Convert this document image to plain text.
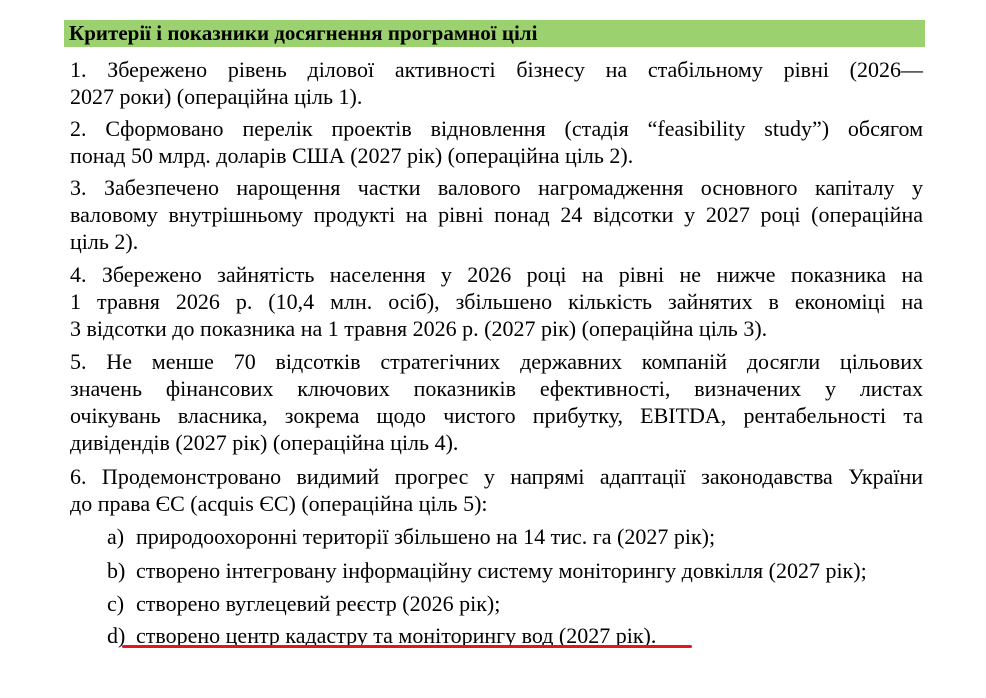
Критерії і показники досягнення програмної цілі
1. Збережено рівень ділової активності бізнесу на стабільному рівні (2026—
2027 роки) (операційна ціль 1).
2. Сформовано перелік проектів відновлення (стадія “feasibility study”) обсягом
понад 50 млрд. доларів США (2027 рік) (операційна ціль 2).
3. Забезпечено нарощення частки валового нагромадження основного капіталу у
валовому внутрішньому продукті на рівні понад 24 відсотки у 2027 році (операційна
ціль 2).
4. Збережено зайнятість населення у 2026 році на рівні не нижче показника на
1 травня 2026 р. (10,4 млн. осіб), збільшено кількість зайнятих в економіці на
3 відсотки до показника на 1 травня 2026 р. (2027 рік) (операційна ціль 3).
5. Не менше 70 відсотків стратегічних державних компаній досягли цільових
значень фінансових ключових показників ефективності, визначених у листах
очікувань власника, зокрема щодо чистого прибутку, EBITDA, рентабельності та
дивідендів (2027 рік) (операційна ціль 4).
6. Продемонстровано видимий прогрес у напрямі адаптації законодавства України
до права ЄС (acquis ЄС) (операційна ціль 5):
a) природоохоронні території збільшено на 14 тис. га (2027 рік);
b) створено інтегровану інформаційну систему моніторингу довкілля (2027 рік);
c) створено вуглецевий реєстр (2026 рік);
d) створено центр кадастру та моніторингу вод (2027 рік).
